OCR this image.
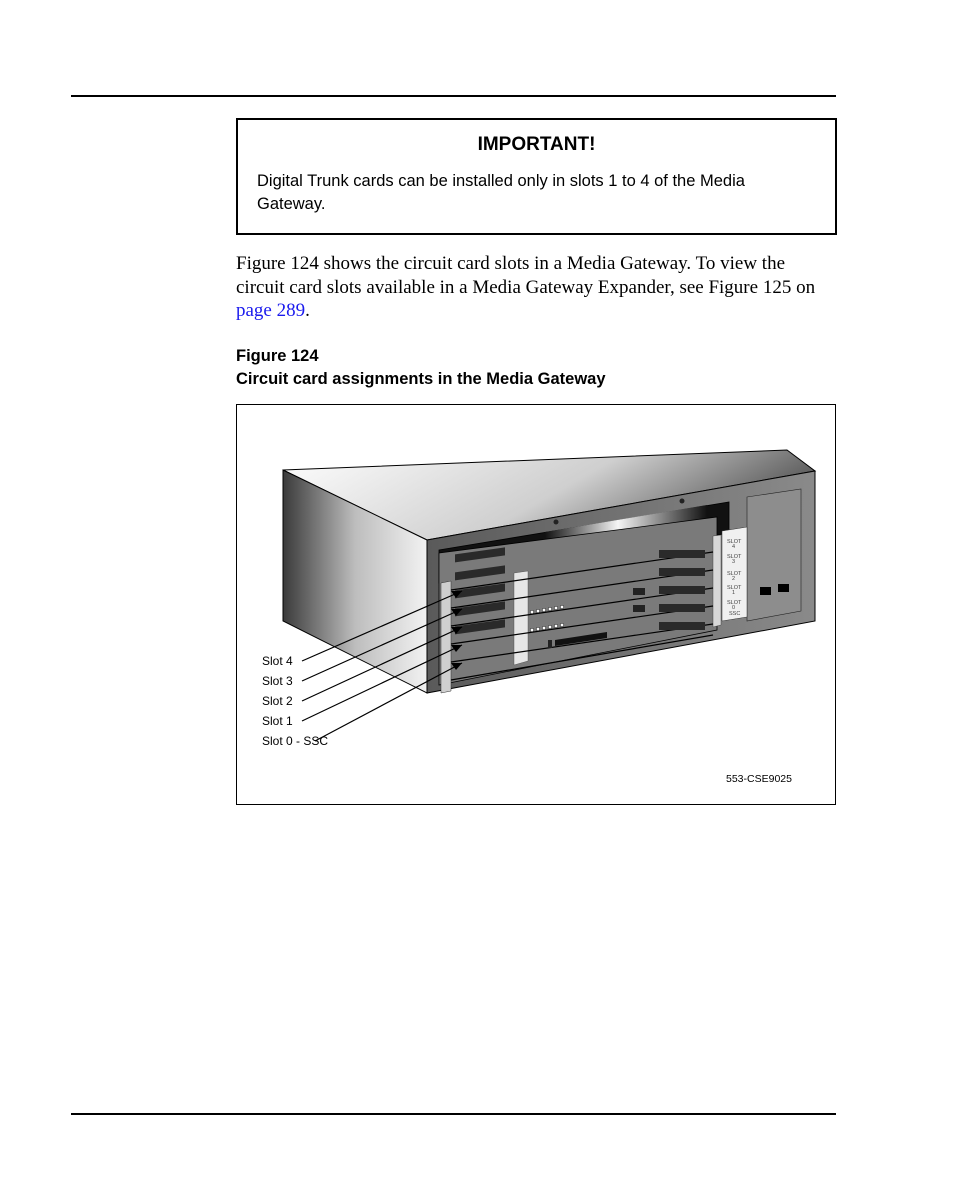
IMPORTANT!
Digital Trunk cards can be installed only in slots 1 to 4 of the Media Gateway.
Figure 124 shows the circuit card slots in a Media Gateway. To view the circuit card slots available in a Media Gateway Expander, see Figure 125 on page 289.
Figure 124
Circuit card assignments in the Media Gateway
SLOT
4
SLOT
3
SLOT
2
SLOT
1
SLOT
0
SSC
Slot 4
Slot 3
Slot 2
Slot 1
Slot 0 - SSC
553-CSE9025
